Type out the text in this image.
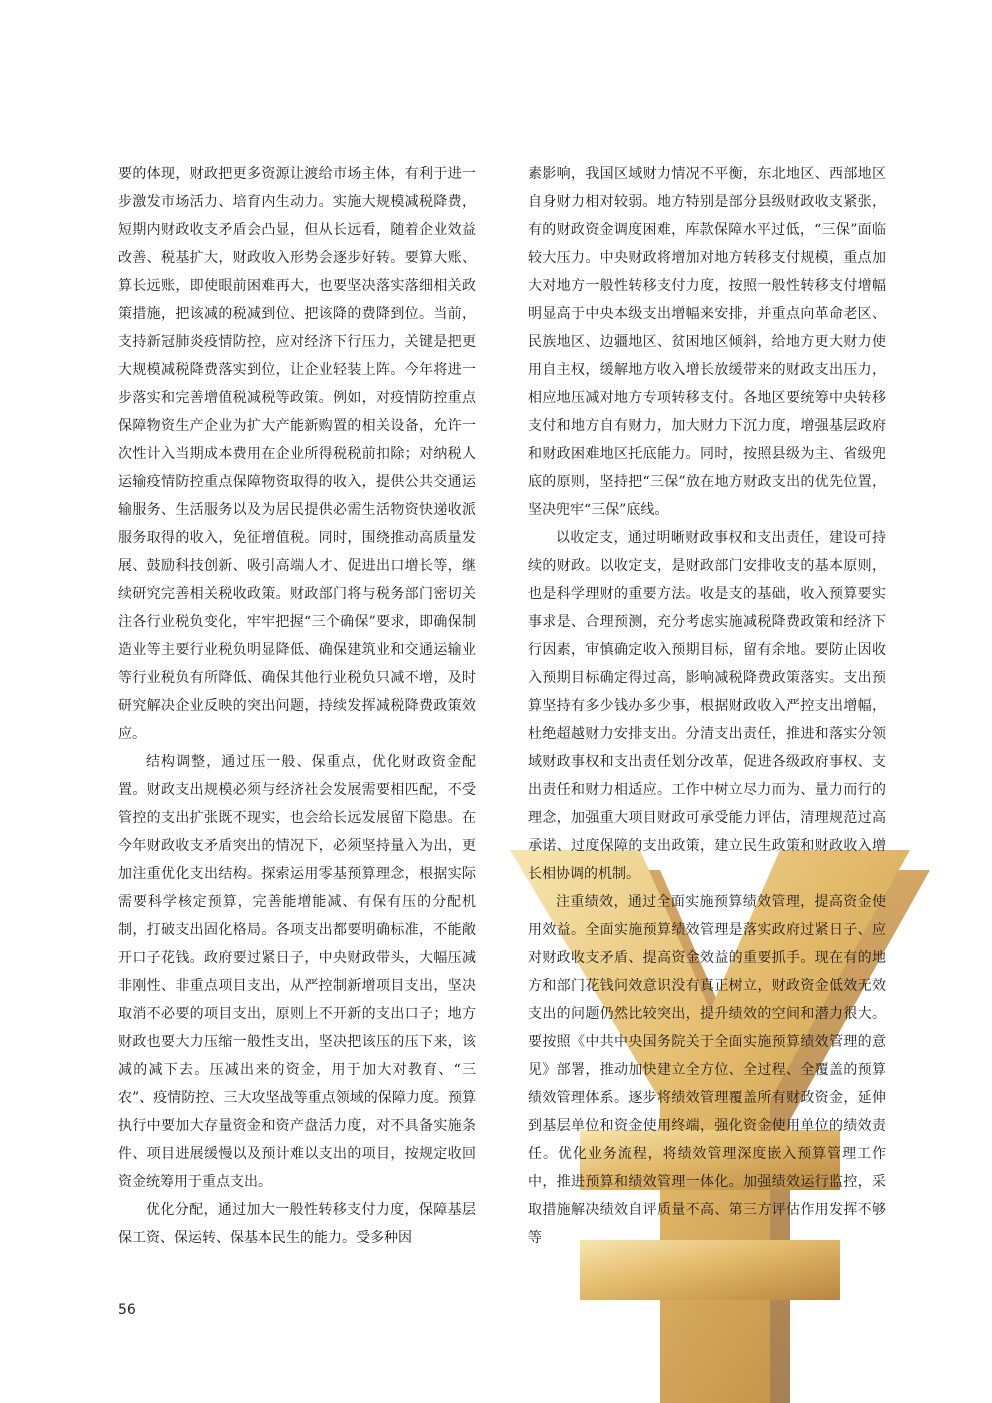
要的体现，财政把更多资源让渡给市场主体，有利于进一步激发市场活力、培育内生动力。实施大规模减税降费，短期内财政收支矛盾会凸显，但从长远看，随着企业效益改善、税基扩大，财政收入形势会逐步好转。要算大账、算长远账，即使眼前困难再大，也要坚决落实落细相关政策措施，把该减的税减到位、把该降的费降到位。当前，支持新冠肺炎疫情防控，应对经济下行压力，关键是把更大规模减税降费落实到位，让企业轻装上阵。今年将进一步落实和完善增值税减税等政策。例如，对疫情防控重点保障物资生产企业为扩大产能新购置的相关设备，允许一次性计入当期成本费用在企业所得税税前扣除；对纳税人运输疫情防控重点保障物资取得的收入，提供公共交通运输服务、生活服务以及为居民提供必需生活物资快递收派服务取得的收入，免征增值税。同时，围绕推动高质量发展、鼓励科技创新、吸引高端人才、促进出口增长等，继续研究完善相关税收政策。财政部门将与税务部门密切关注各行业税负变化，牢牢把握“三个确保”要求，即确保制造业等主要行业税负明显降低、确保建筑业和交通运输业等行业税负有所降低、确保其他行业税负只减不增，及时研究解决企业反映的突出问题，持续发挥减税降费政策效应。

结构调整，通过压一般、保重点，优化财政资金配置。财政支出规模必须与经济社会发展需要相匹配，不受管控的支出扩张既不现实，也会给长远发展留下隐患。在今年财政收支矛盾突出的情况下，必须坚持量入为出，更加注重优化支出结构。探索运用零基预算理念，根据实际需要科学核定预算，完善能增能减、有保有压的分配机制，打破支出固化格局。各项支出都要明确标准，不能敞开口子花钱。政府要过紧日子，中央财政带头，大幅压减非刚性、非重点项目支出，从严控制新增项目支出，坚决取消不必要的项目支出，原则上不开新的支出口子；地方财政也要大力压缩一般性支出，坚决把该压的压下来，该减的减下去。压减出来的资金，用于加大对教育、“三农”、疫情防控、三大攻坚战等重点领域的保障力度。预算执行中要加大存量资金和资产盘活力度，对不具备实施条件、项目进展缓慢以及预计难以支出的项目，按规定收回资金统筹用于重点支出。

优化分配，通过加大一般性转移支付力度，保障基层保工资、保运转、保基本民生的能力。受多种因

素影响，我国区域财力情况不平衡，东北地区、西部地区自身财力相对较弱。地方特别是部分县级财政收支紧张，有的财政资金调度困难，库款保障水平过低，“三保”面临较大压力。中央财政将增加对地方转移支付规模，重点加大对地方一般性转移支付力度，按照一般性转移支付增幅明显高于中央本级支出增幅来安排，并重点向革命老区、民族地区、边疆地区、贫困地区倾斜，给地方更大财力使用自主权，缓解地方收入增长放缓带来的财政支出压力，相应地压减对地方专项转移支付。各地区要统筹中央转移支付和地方自有财力，加大财力下沉力度，增强基层政府和财政困难地区托底能力。同时，按照县级为主、省级兜底的原则，坚持把“三保”放在地方财政支出的优先位置，坚决兜牢“三保”底线。

以收定支，通过明晰财政事权和支出责任，建设可持续的财政。以收定支，是财政部门安排收支的基本原则，也是科学理财的重要方法。收是支的基础，收入预算要实事求是、合理预测，充分考虑实施减税降费政策和经济下行因素，审慎确定收入预期目标，留有余地。要防止因收入预期目标确定得过高，影响减税降费政策落实。支出预算坚持有多少钱办多少事，根据财政收入严控支出增幅，杜绝超越财力安排支出。分清支出责任，推进和落实分领域财政事权和支出责任划分改革，促进各级政府事权、支出责任和财力相适应。工作中树立尽力而为、量力而行的理念，加强重大项目财政可承受能力评估，清理规范过高承诺、过度保障的支出政策，建立民生政策和财政收入增长相协调的机制。

注重绩效，通过全面实施预算绩效管理，提高资金使用效益。全面实施预算绩效管理是落实政府过紧日子、应对财政收支矛盾、提高资金效益的重要抓手。现在有的地方和部门花钱问效意识没有真正树立，财政资金低效无效支出的问题仍然比较突出，提升绩效的空间和潜力很大。要按照《中共中央国务院关于全面实施预算绩效管理的意见》部署，推动加快建立全方位、全过程、全覆盖的预算绩效管理体系。逐步将绩效管理覆盖所有财政资金，延伸到基层单位和资金使用终端，强化资金使用单位的绩效责任。优化业务流程，将绩效管理深度嵌入预算管理工作中，推进预算和绩效管理一体化。加强绩效运行监控，采取措施解决绩效自评质量不高、第三方评估作用发挥不够等

56
